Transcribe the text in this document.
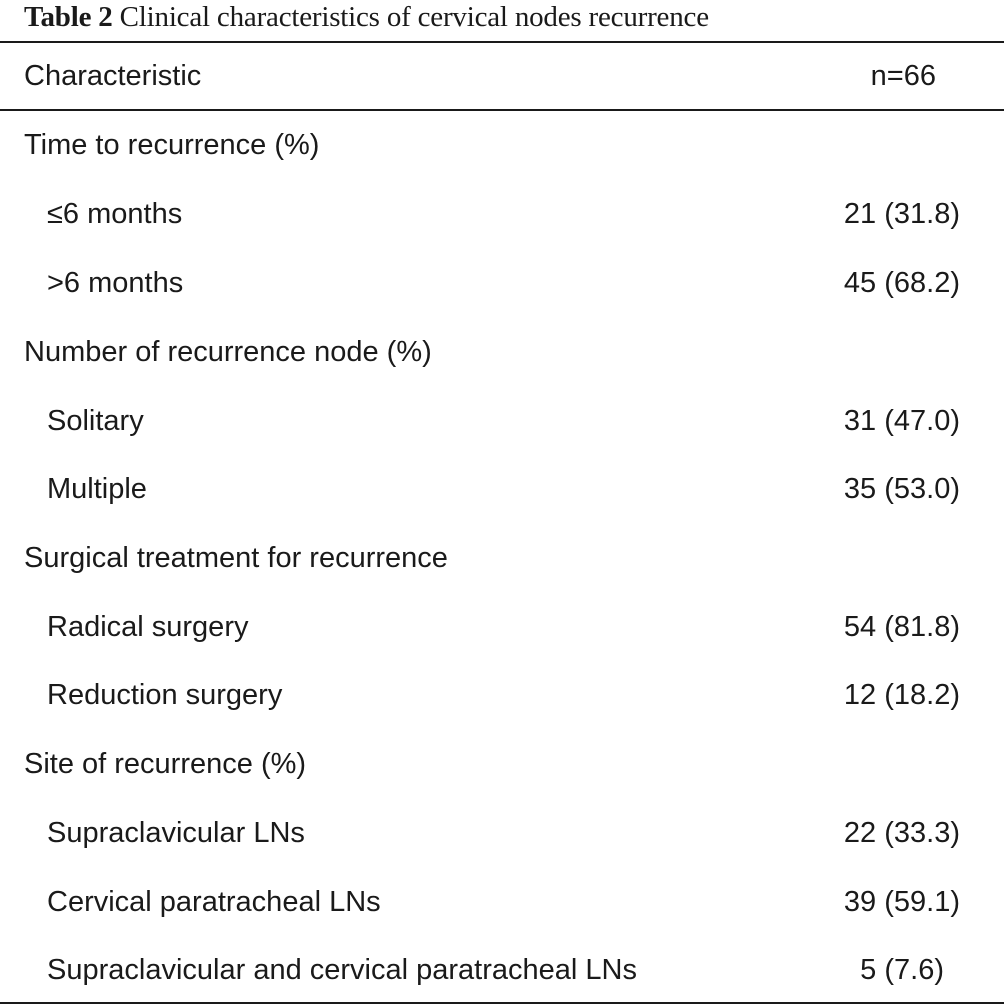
Table 2 Clinical characteristics of cervical nodes recurrence
Characteristic	n=66
Time to recurrence (%)
≤6 months	21 (31.8)
>6 months	45 (68.2)
Number of recurrence node (%)
Solitary	31 (47.0)
Multiple	35 (53.0)
Surgical treatment for recurrence
Radical surgery	54 (81.8)
Reduction surgery	12 (18.2)
Site of recurrence (%)
Supraclavicular LNs	22 (33.3)
Cervical paratracheal LNs	39 (59.1)
Supraclavicular and cervical paratracheal LNs	5 (7.6)
